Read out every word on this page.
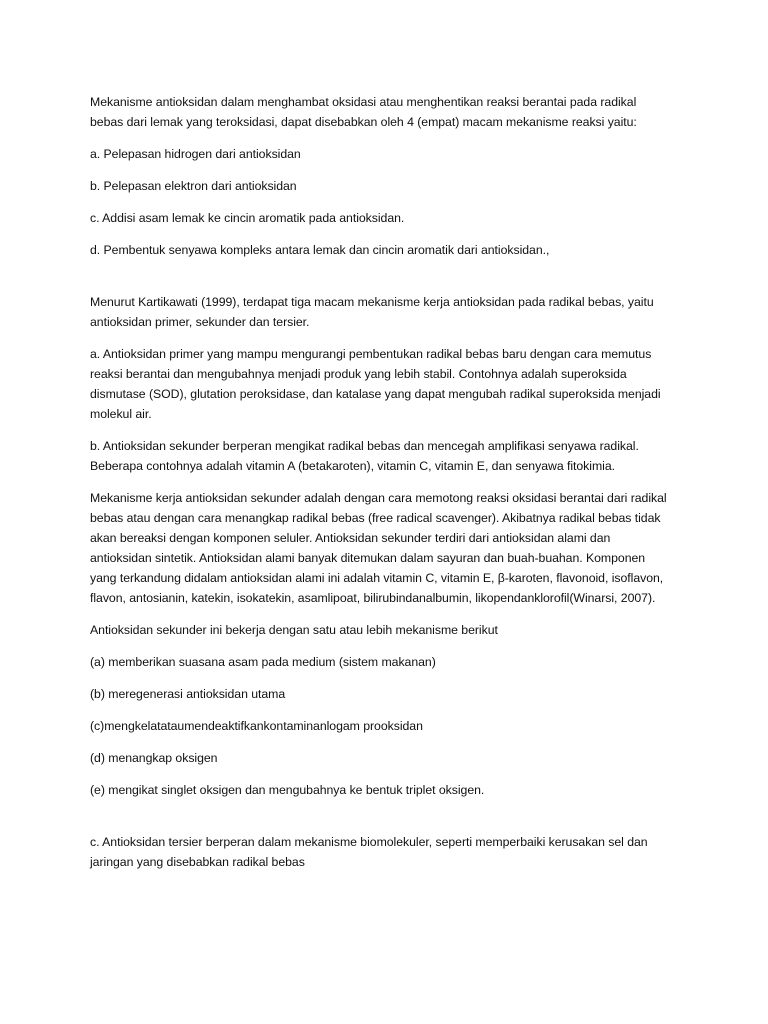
Mekanisme antioksidan dalam menghambat oksidasi atau menghentikan reaksi berantai pada radikal bebas dari lemak yang teroksidasi, dapat disebabkan oleh 4 (empat) macam mekanisme reaksi yaitu:

a. Pelepasan hidrogen dari antioksidan

b. Pelepasan elektron dari antioksidan

c. Addisi asam lemak ke cincin aromatik pada antioksidan.

d. Pembentuk senyawa kompleks antara lemak dan cincin aromatik dari antioksidan.,

Menurut Kartikawati (1999), terdapat tiga macam mekanisme kerja antioksidan pada radikal bebas, yaitu antioksidan primer, sekunder dan tersier.

a. Antioksidan primer yang mampu mengurangi pembentukan radikal bebas baru dengan cara memutus reaksi berantai dan mengubahnya menjadi produk yang lebih stabil. Contohnya adalah superoksida dismutase (SOD), glutation peroksidase, dan katalase yang dapat mengubah radikal superoksida menjadi molekul air.

b. Antioksidan sekunder berperan mengikat radikal bebas dan mencegah amplifikasi senyawa radikal. Beberapa contohnya adalah vitamin A (betakaroten), vitamin C, vitamin E, dan senyawa fitokimia.

Mekanisme kerja antioksidan sekunder adalah dengan cara memotong reaksi oksidasi berantai dari radikal bebas atau dengan cara menangkap radikal bebas (free radical scavenger). Akibatnya radikal bebas tidak akan bereaksi dengan komponen seluler. Antioksidan sekunder terdiri dari antioksidan alami dan antioksidan sintetik. Antioksidan alami banyak ditemukan dalam sayuran dan buah-buahan. Komponen yang terkandung didalam antioksidan alami ini adalah vitamin C, vitamin E, β-karoten, flavonoid, isoflavon, flavon, antosianin, katekin, isokatekin, asamlipoat, bilirubindanalbumin, likopendanklorofil(Winarsi, 2007).

Antioksidan sekunder ini bekerja dengan satu atau lebih mekanisme berikut

(a) memberikan suasana asam pada medium (sistem makanan)

(b) meregenerasi antioksidan utama

(c)mengkelatataumendeaktifkankontaminanlogam prooksidan

(d) menangkap oksigen

(e) mengikat singlet oksigen dan mengubahnya ke bentuk triplet oksigen.

c. Antioksidan tersier berperan dalam mekanisme biomolekuler, seperti memperbaiki kerusakan sel dan jaringan yang disebabkan radikal bebas
